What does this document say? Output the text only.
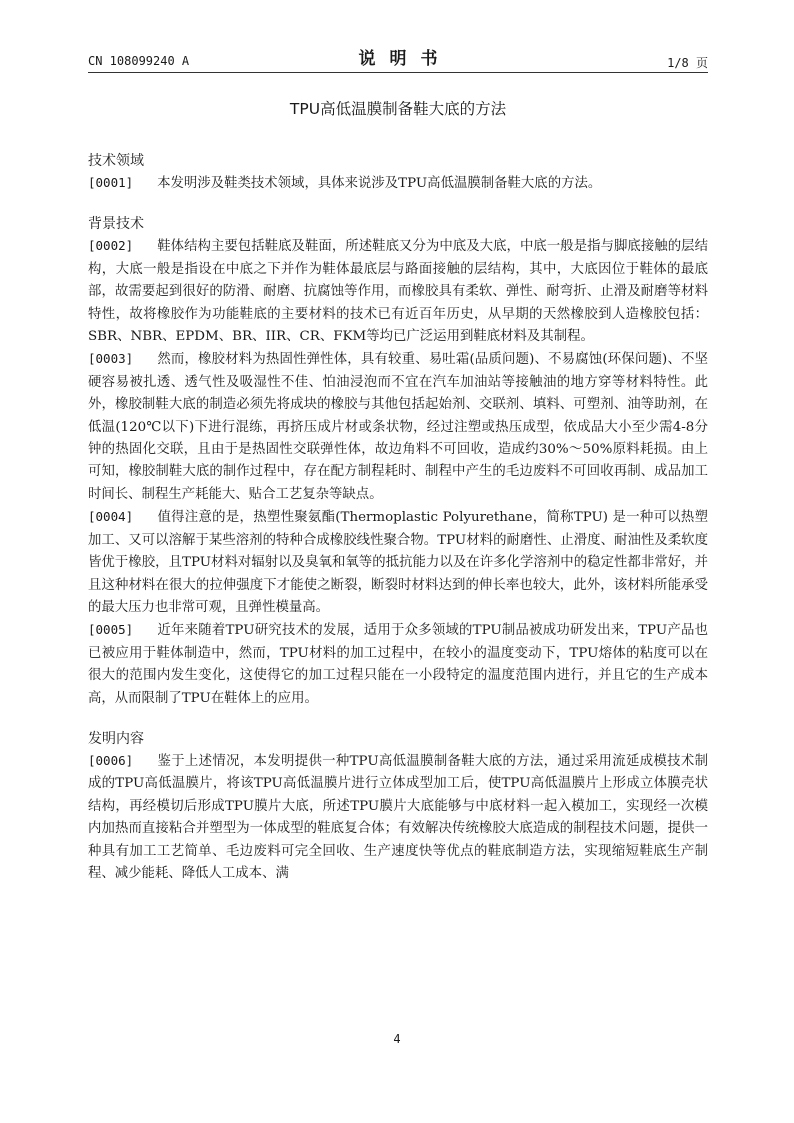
CN 108099240 A	说明书	1/8 页
TPU高低温膜制备鞋大底的方法
技术领域

[0001] 本发明涉及鞋类技术领域，具体来说涉及TPU高低温膜制备鞋大底的方法。

背景技术

[0002] 鞋体结构主要包括鞋底及鞋面，所述鞋底又分为中底及大底，中底一般是指与脚底接触的层结构，大底一般是指设在中底之下并作为鞋体最底层与路面接触的层结构，其中，大底因位于鞋体的最底部，故需要起到很好的防滑、耐磨、抗腐蚀等作用，而橡胶具有柔软、弹性、耐弯折、止滑及耐磨等材料特性，故将橡胶作为功能鞋底的主要材料的技术已有近百年历史，从早期的天然橡胶到人造橡胶包括：SBR、NBR、EPDM、BR、IIR、CR、FKM等均已广泛运用到鞋底材料及其制程。

[0003] 然而，橡胶材料为热固性弹性体，具有较重、易吐霜(品质问题)、不易腐蚀(环保问题)、不坚硬容易被扎透、透气性及吸湿性不佳、怕油浸泡而不宜在汽车加油站等接触油的地方穿等材料特性。此外，橡胶制鞋大底的制造必须先将成块的橡胶与其他包括起始剂、交联剂、填料、可塑剂、油等助剂，在低温(120℃以下)下进行混练，再挤压成片材或条状物，经过注塑或热压成型，依成品大小至少需4-8分钟的热固化交联，且由于是热固性交联弹性体，故边角料不可回收，造成约30%～50%原料耗损。由上可知，橡胶制鞋大底的制作过程中，存在配方制程耗时、制程中产生的毛边废料不可回收再制、成品加工时间长、制程生产耗能大、贴合工艺复杂等缺点。

[0004] 值得注意的是，热塑性聚氨酯(Thermoplastic Polyurethane，简称TPU) 是一种可以热塑加工、又可以溶解于某些溶剂的特种合成橡胶线性聚合物。TPU材料的耐磨性、止滑度、耐油性及柔软度皆优于橡胶，且TPU材料对辐射以及臭氧和氧等的抵抗能力以及在许多化学溶剂中的稳定性都非常好，并且这种材料在很大的拉伸强度下才能使之断裂，断裂时材料达到的伸长率也较大，此外，该材料所能承受的最大压力也非常可观，且弹性模量高。

[0005] 近年来随着TPU研究技术的发展，适用于众多领域的TPU制品被成功研发出来，TPU产品也已被应用于鞋体制造中，然而，TPU材料的加工过程中，在较小的温度变动下，TPU熔体的粘度可以在很大的范围内发生变化，这使得它的加工过程只能在一小段特定的温度范围内进行，并且它的生产成本高，从而限制了TPU在鞋体上的应用。

发明内容

[0006] 鉴于上述情况，本发明提供一种TPU高低温膜制备鞋大底的方法，通过采用流延成模技术制成的TPU高低温膜片，将该TPU高低温膜片进行立体成型加工后，使TPU高低温膜片上形成立体膜壳状结构，再经模切后形成TPU膜片大底，所述TPU膜片大底能够与中底材料一起入模加工，实现经一次模内加热而直接粘合并塑型为一体成型的鞋底复合体；有效解决传统橡胶大底造成的制程技术问题，提供一种具有加工工艺简单、毛边废料可完全回收、生产速度快等优点的鞋底制造方法，实现缩短鞋底生产制程、减少能耗、降低人工成本、满

4
